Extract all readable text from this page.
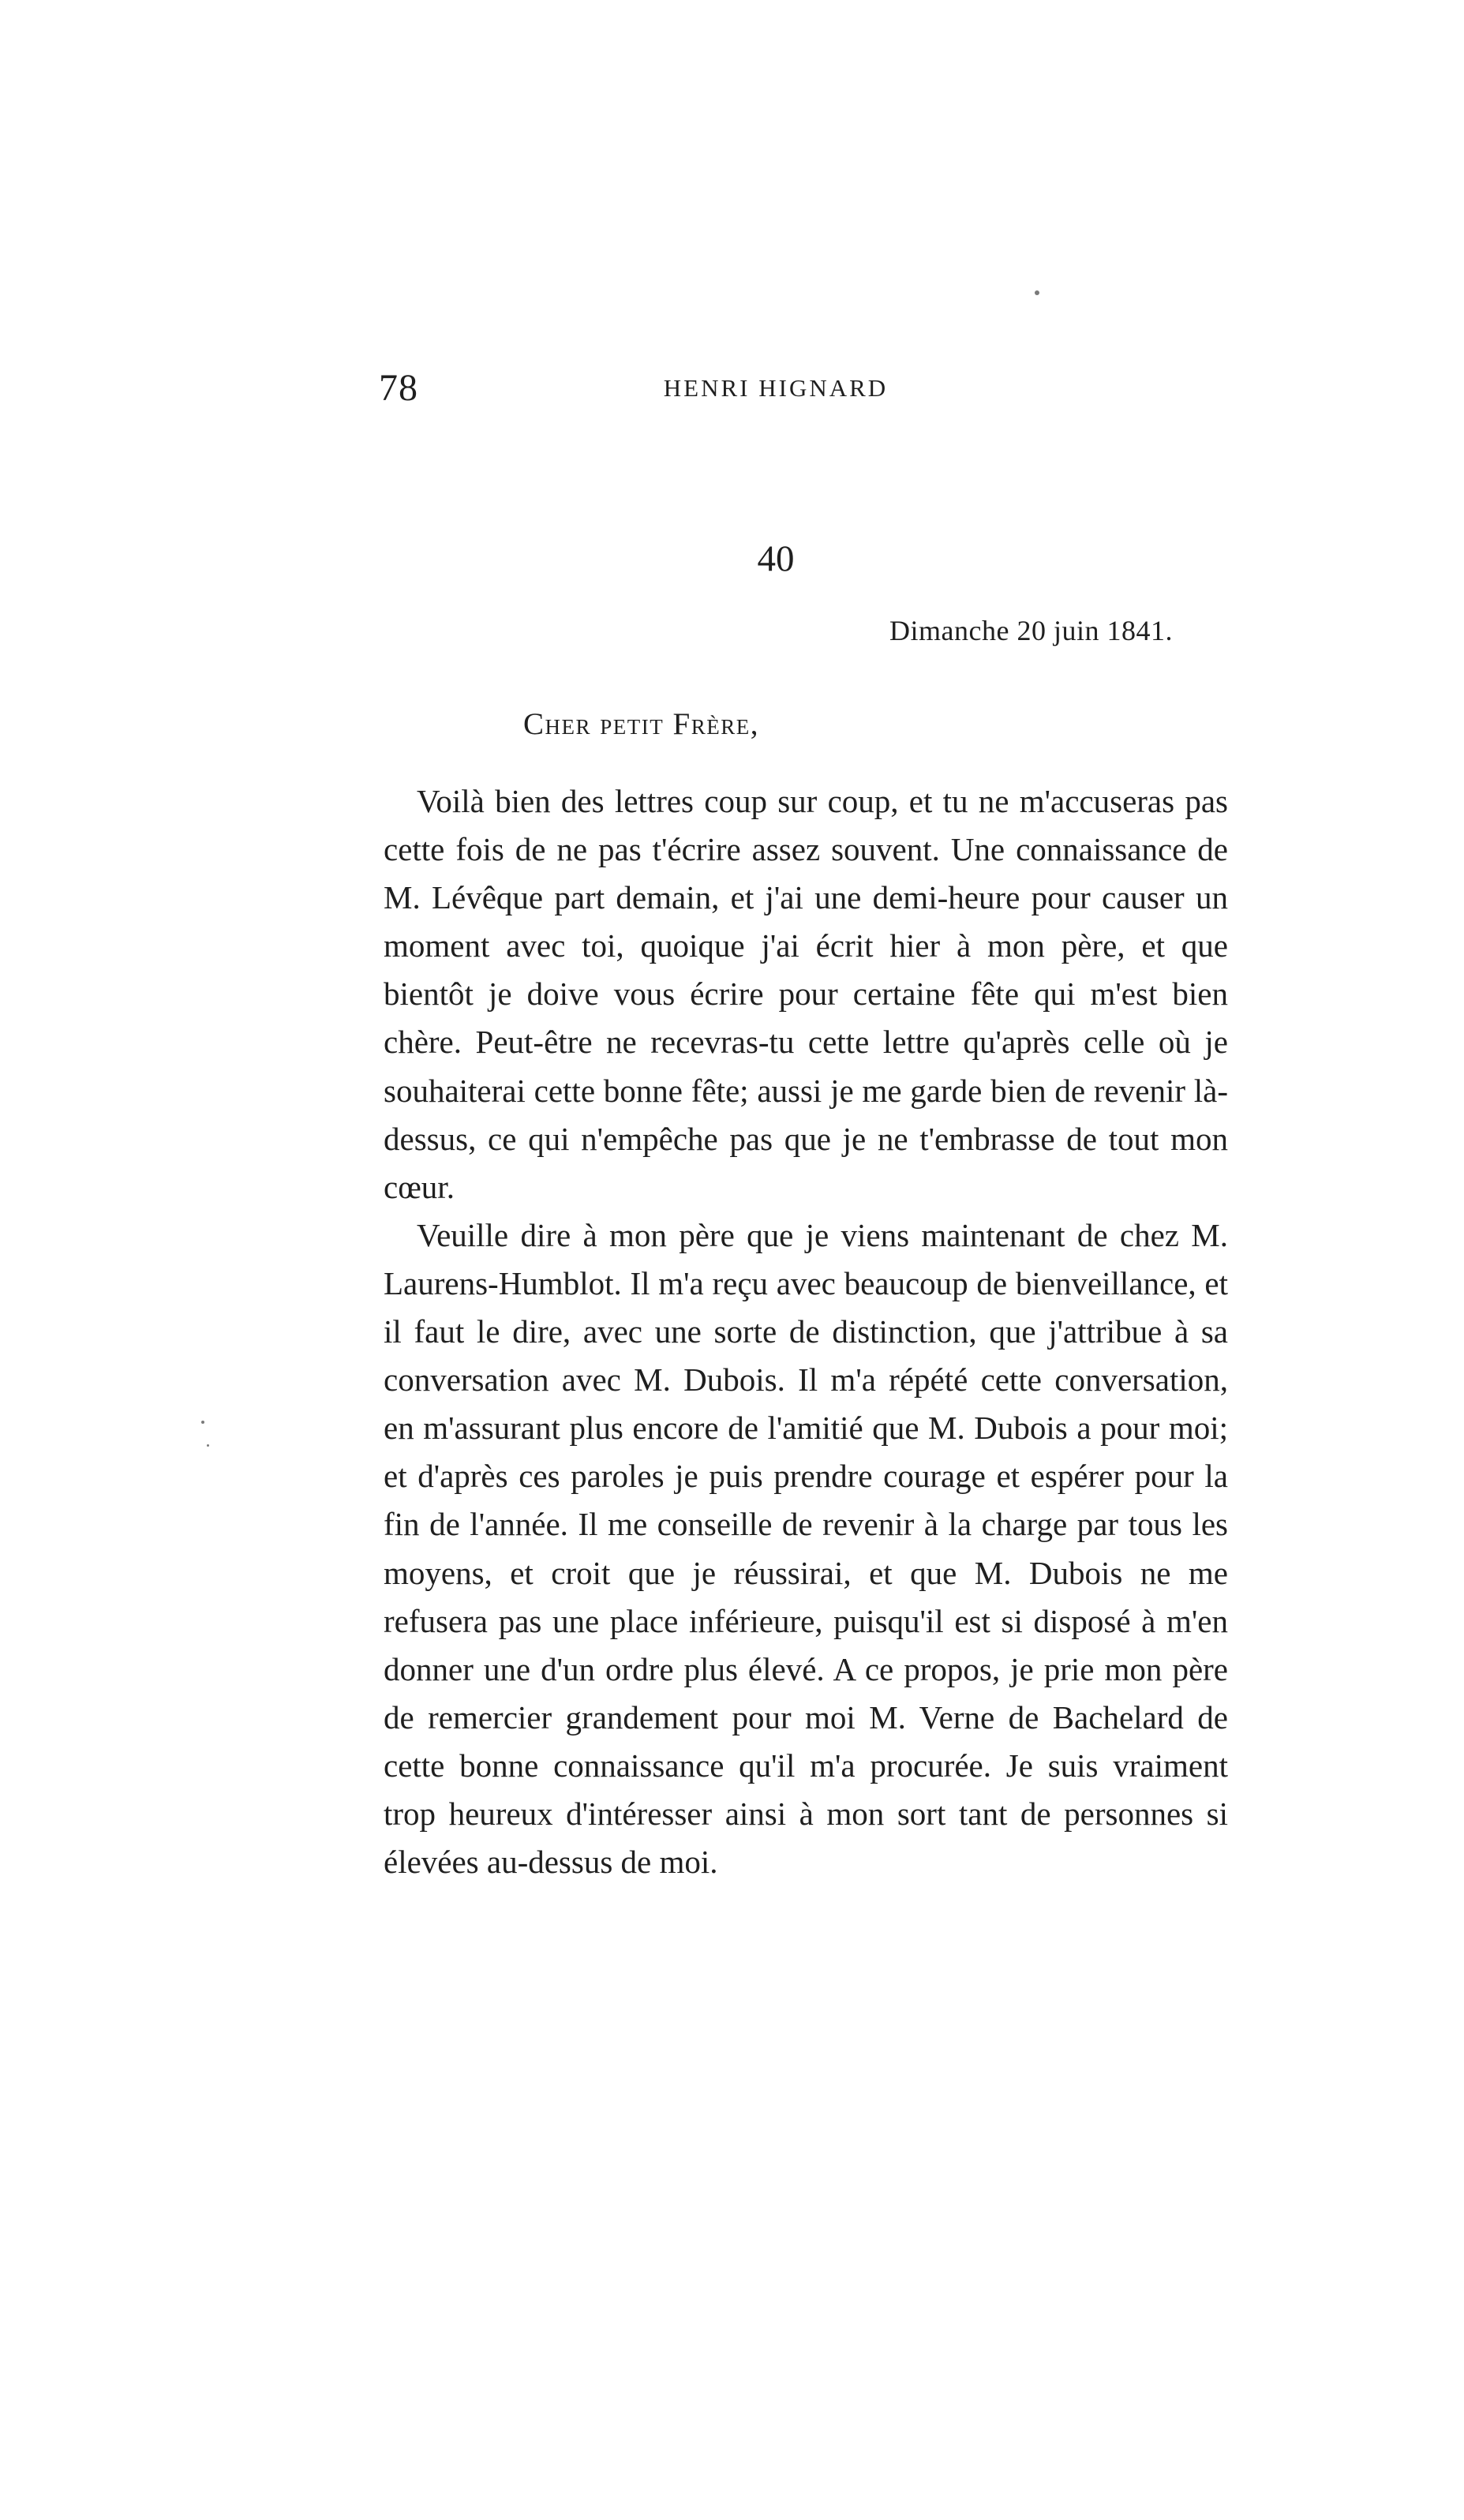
78	HENRI HIGNARD
40
Dimanche 20 juin 1841.
Cher petit Frère,

Voilà bien des lettres coup sur coup, et tu ne m'accuseras pas cette fois de ne pas t'écrire assez souvent. Une connaissance de M. Lévêque part demain, et j'ai une demi-heure pour causer un moment avec toi, quoique j'ai écrit hier à mon père, et que bientôt je doive vous écrire pour certaine fête qui m'est bien chère. Peut-être ne recevras-tu cette lettre qu'après celle où je souhaiterai cette bonne fête; aussi je me garde bien de revenir là-dessus, ce qui n'empêche pas que je ne t'embrasse de tout mon cœur.

Veuille dire à mon père que je viens maintenant de chez M. Laurens-Humblot. Il m'a reçu avec beaucoup de bienveillance, et il faut le dire, avec une sorte de distinction, que j'attribue à sa conversation avec M. Dubois. Il m'a répété cette conversation, en m'assurant plus encore de l'amitié que M. Dubois a pour moi; et d'après ces paroles je puis prendre courage et espérer pour la fin de l'année. Il me conseille de revenir à la charge par tous les moyens, et croit que je réussirai, et que M. Dubois ne me refusera pas une place inférieure, puisqu'il est si disposé à m'en donner une d'un ordre plus élevé. A ce propos, je prie mon père de remercier grandement pour moi M. Verne de Bachelard de cette bonne connaissance qu'il m'a procurée. Je suis vraiment trop heureux d'intéresser ainsi à mon sort tant de personnes si élevées au-dessus de moi.
